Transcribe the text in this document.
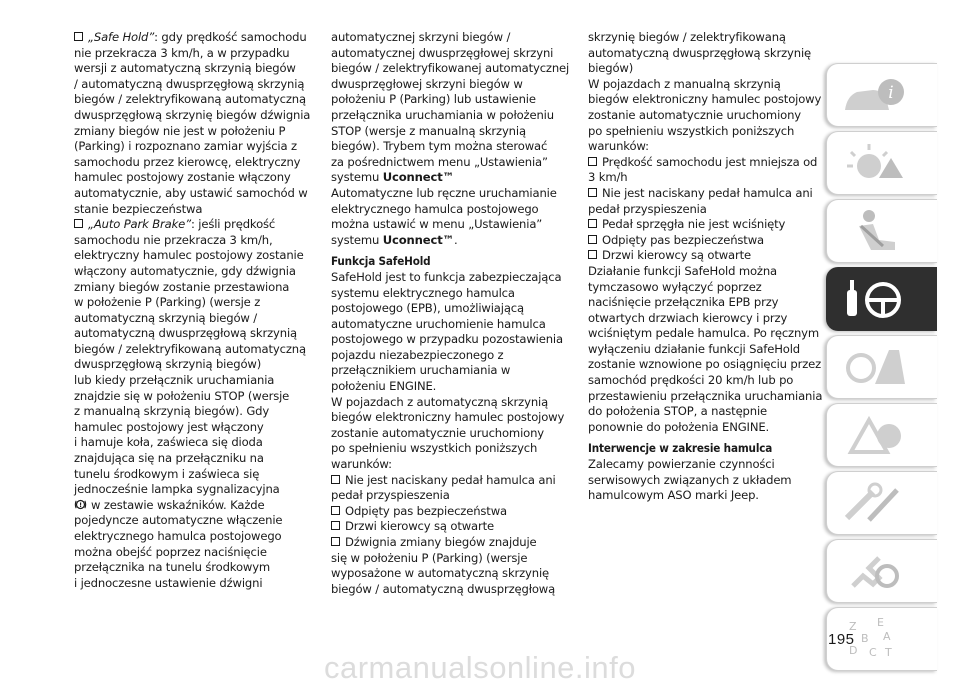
„Safe Hold”: gdy prędkość samochodu
nie przekracza 3 km/h, a w przypadku
wersji z automatyczną skrzynią biegów
/ automatyczną dwusprzęgłową skrzynią
biegów / zelektryfikowaną automatyczną
dwusprzęgłową skrzynię biegów dźwignia
zmiany biegów nie jest w położeniu P
(Parking) i rozpoznano zamiar wyjścia z
samochodu przez kierowcę, elektryczny
hamulec postojowy zostanie włączony
automatycznie, aby ustawić samochód w
stanie bezpieczeństwa
„Auto Park Brake”: jeśli prędkość
samochodu nie przekracza 3 km/h,
elektryczny hamulec postojowy zostanie
włączony automatycznie, gdy dźwignia
zmiany biegów zostanie przestawiona
w położenie P (Parking) (wersje z
automatyczną skrzynią biegów /
automatyczną dwusprzęgłową skrzynią
biegów / zelektryfikowaną automatyczną
dwusprzęgłową skrzynią biegów)
lub kiedy przełącznik uruchamiania
znajdzie się w położeniu STOP (wersje
z manualną skrzynią biegów). Gdy
hamulec postojowy jest włączony
i hamuje koła, zaświeca się dioda
znajdująca się na przełączniku na
tunelu środkowym i zaświeca się
jednocześnie lampka sygnalizacyjna
! w zestawie wskaźników. Każde
pojedyncze automatyczne włączenie
elektrycznego hamulca postojowego
można obejść poprzez naciśnięcie
przełącznika na tunelu środkowym
i jednoczesne ustawienie dźwigni
automatycznej skrzyni biegów /
automatycznej dwusprzęgłowej skrzyni
biegów / zelektryfikowanej automatycznej
dwusprzęgłowej skrzyni biegów w
położeniu P (Parking) lub ustawienie
przełącznika uruchamiania w położeniu
STOP (wersje z manualną skrzynią
biegów). Trybem tym można sterować
za pośrednictwem menu „Ustawienia”
systemu Uconnect™
Automatyczne lub ręczne uruchamianie
elektrycznego hamulca postojowego
można ustawić w menu „Ustawienia”
systemu Uconnect™.
Funkcja SafeHold
SafeHold jest to funkcja zabezpieczająca
systemu elektrycznego hamulca
postojowego (EPB), umożliwiającą
automatyczne uruchomienie hamulca
postojowego w przypadku pozostawienia
pojazdu niezabezpieczonego z
przełącznikiem uruchamiania w
położeniu ENGINE.
W pojazdach z automatyczną skrzynią
biegów elektroniczny hamulec postojowy
zostanie automatycznie uruchomiony
po spełnieniu wszystkich poniższych
warunków:
Nie jest naciskany pedał hamulca ani
pedał przyspieszenia
Odpięty pas bezpieczeństwa
Drzwi kierowcy są otwarte
Dźwignia zmiany biegów znajduje
się w położeniu P (Parking) (wersje
wyposażone w automatyczną skrzynię
biegów / automatyczną dwusprzęgłową
skrzynię biegów / zelektryfikowaną
automatyczną dwusprzęgłową skrzynię
biegów)
W pojazdach z manualną skrzynią
biegów elektroniczny hamulec postojowy
zostanie automatycznie uruchomiony
po spełnieniu wszystkich poniższych
warunków:
Prędkość samochodu jest mniejsza od
3 km/h
Nie jest naciskany pedał hamulca ani
pedał przyspieszenia
Pedał sprzęgła nie jest wciśnięty
Odpięty pas bezpieczeństwa
Drzwi kierowcy są otwarte
Działanie funkcji SafeHold można
tymczasowo wyłączyć poprzez
naciśnięcie przełącznika EPB przy
otwartych drzwiach kierowcy i przy
wciśniętym pedale hamulca. Po ręcznym
wyłączeniu działanie funkcji SafeHold
zostanie wznowione po osiągnięciu przez
samochód prędkości 20 km/h lub po
przestawieniu przełącznika uruchamiania
do położenia STOP, a następnie
ponownie do położenia ENGINE.
Interwencje w zakresie hamulca
Zalecamy powierzanie czynności
serwisowych związanych z układem
hamulcowym ASO marki Jeep.
i
Z E
B A
D C T
195
carmanualsonline.info
